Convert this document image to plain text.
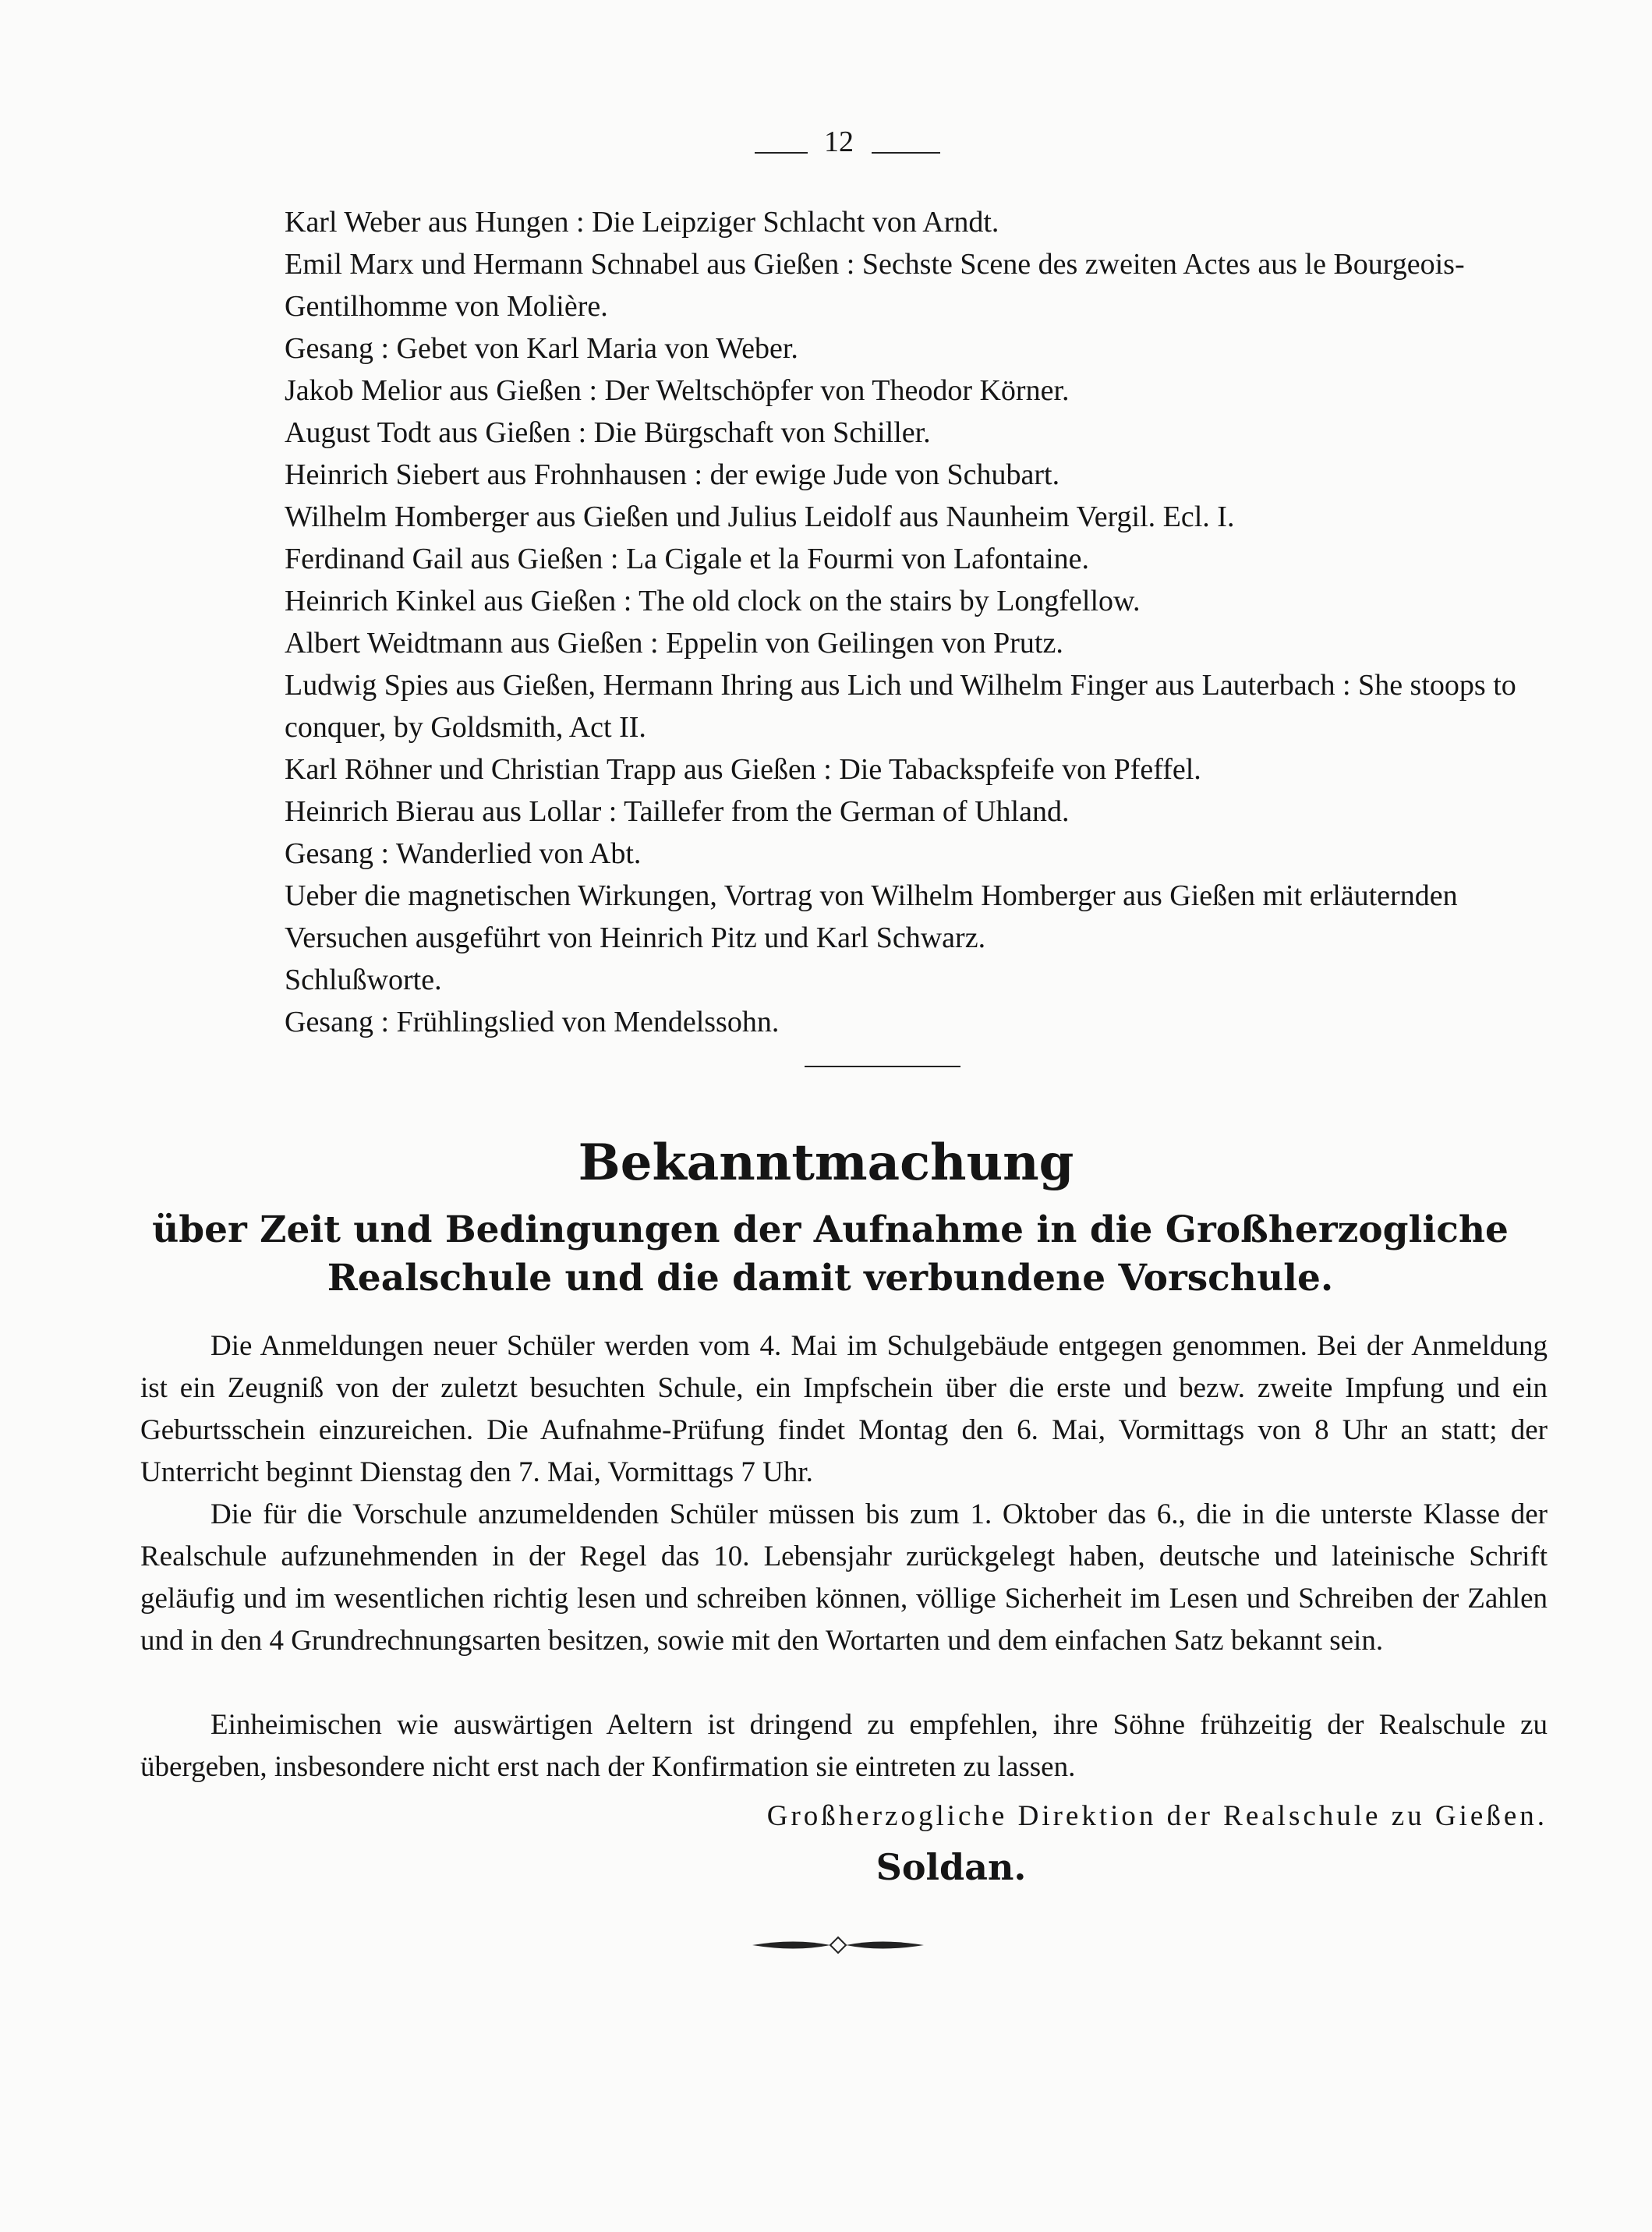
12
Karl Weber aus Hungen : Die Leipziger Schlacht von Arndt.
Emil Marx und Hermann Schnabel aus Gießen : Sechste Scene des zweiten Actes aus le Bourgeois-Gentilhomme von Molière.
Gesang : Gebet von Karl Maria von Weber.
Jakob Melior aus Gießen : Der Weltschöpfer von Theodor Körner.
August Todt aus Gießen : Die Bürgschaft von Schiller.
Heinrich Siebert aus Frohnhausen : der ewige Jude von Schubart.
Wilhelm Homberger aus Gießen und Julius Leidolf aus Naunheim Vergil. Ecl. I.
Ferdinand Gail aus Gießen : La Cigale et la Fourmi von Lafontaine.
Heinrich Kinkel aus Gießen : The old clock on the stairs by Longfellow.
Albert Weidtmann aus Gießen : Eppelin von Geilingen von Prutz.
Ludwig Spies aus Gießen, Hermann Ihring aus Lich und Wilhelm Finger aus Lauterbach : She stoops to conquer, by Goldsmith, Act II.
Karl Röhner und Christian Trapp aus Gießen : Die Tabackspfeife von Pfeffel.
Heinrich Bierau aus Lollar : Taillefer from the German of Uhland.
Gesang : Wanderlied von Abt.
Ueber die magnetischen Wirkungen, Vortrag von Wilhelm Homberger aus Gießen mit erläuternden Versuchen ausgeführt von Heinrich Pitz und Karl Schwarz.
Schlußworte.
Gesang : Frühlingslied von Mendelssohn.
Bekanntmachung
über Zeit und Bedingungen der Aufnahme in die Großherzogliche Realschule und die damit verbundene Vorschule.
Die Anmeldungen neuer Schüler werden vom 4. Mai im Schulgebäude entgegen genommen. Bei der Anmeldung ist ein Zeugniß von der zuletzt besuchten Schule, ein Impfschein über die erste und bezw. zweite Impfung und ein Geburtsschein einzureichen. Die Aufnahme-Prüfung findet Montag den 6. Mai, Vormittags von 8 Uhr an statt; der Unterricht beginnt Dienstag den 7. Mai, Vormittags 7 Uhr.
Die für die Vorschule anzumeldenden Schüler müssen bis zum 1. Oktober das 6., die in die unterste Klasse der Realschule aufzunehmenden in der Regel das 10. Lebensjahr zurückgelegt haben, deutsche und lateinische Schrift geläufig und im wesentlichen richtig lesen und schreiben können, völlige Sicherheit im Lesen und Schreiben der Zahlen und in den 4 Grundrechnungsarten besitzen, sowie mit den Wortarten und dem einfachen Satz bekannt sein.
Einheimischen wie auswärtigen Aeltern ist dringend zu empfehlen, ihre Söhne frühzeitig der Realschule zu übergeben, insbesondere nicht erst nach der Konfirmation sie eintreten zu lassen.
Großherzogliche Direktion der Realschule zu Gießen.
Soldan.
